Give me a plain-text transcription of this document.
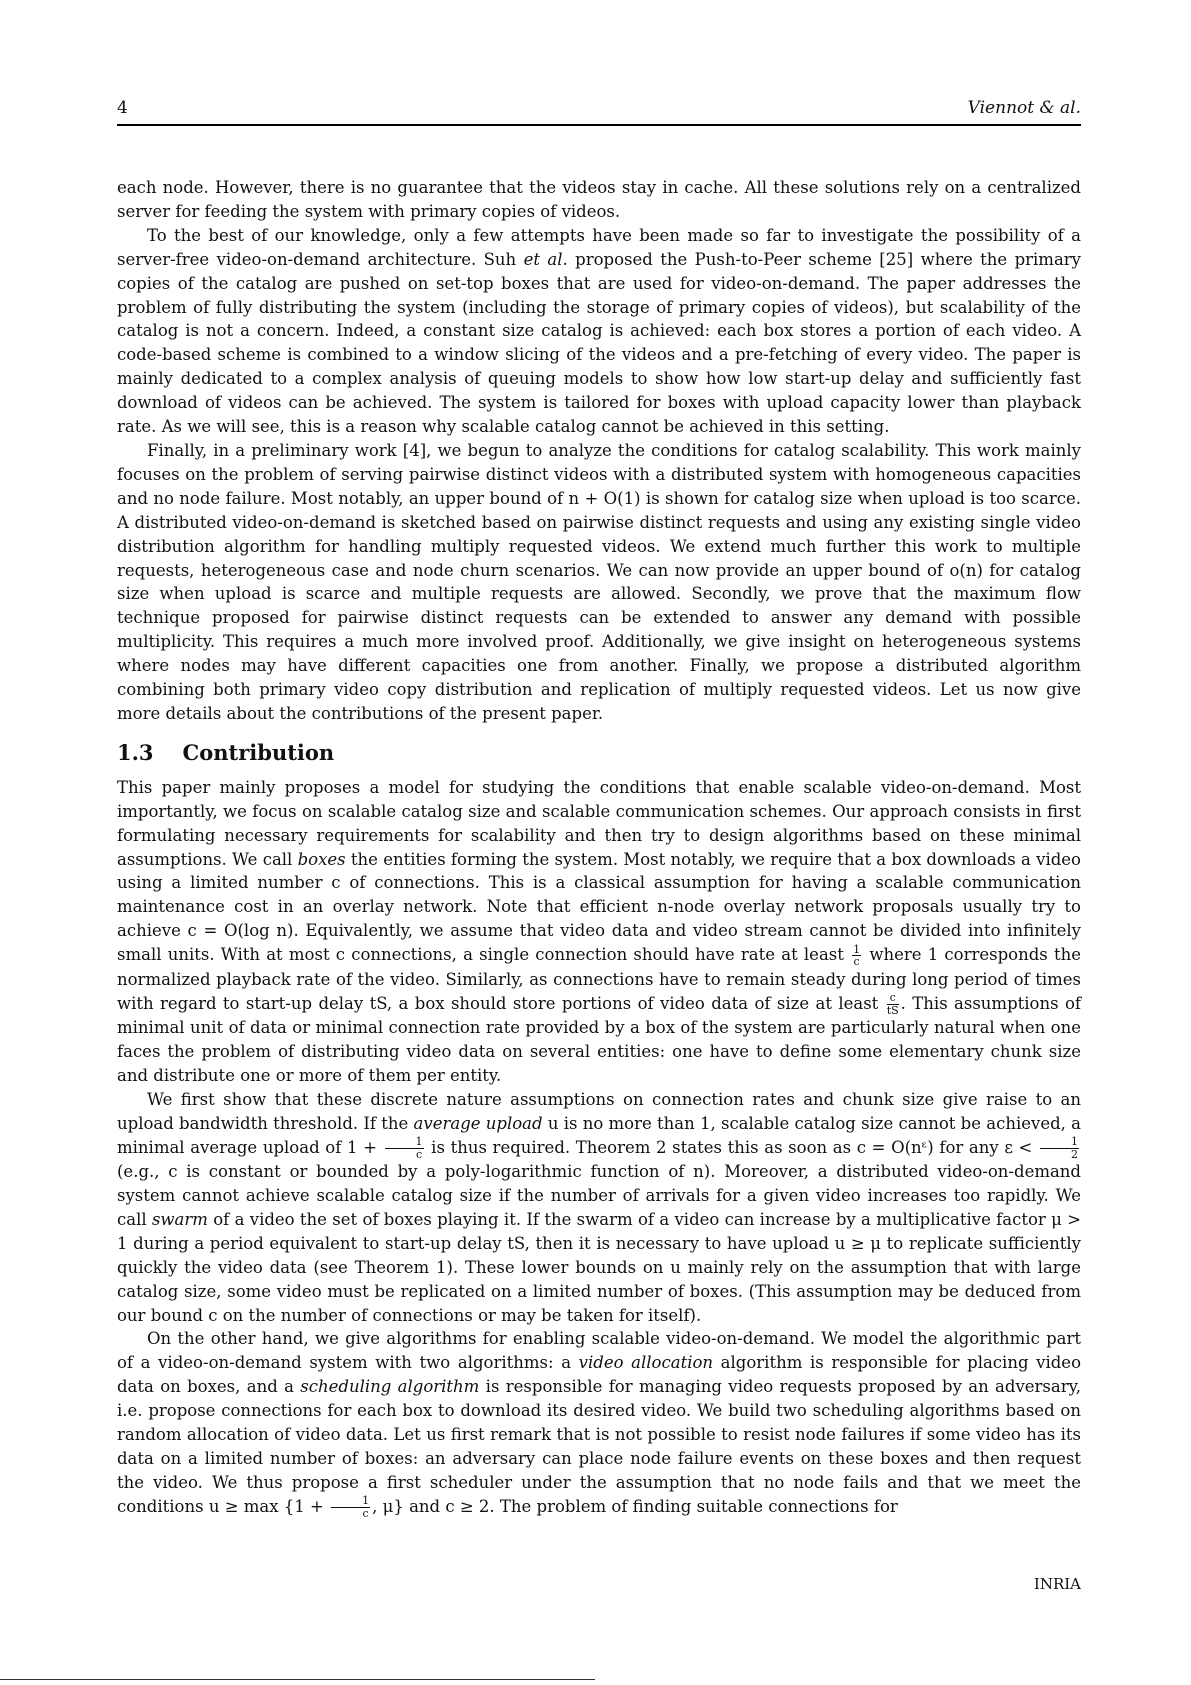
4	Viennot & al.

each node. However, there is no guarantee that the videos stay in cache. All these solutions rely on a centralized server for feeding the system with primary copies of videos.

To the best of our knowledge, only a few attempts have been made so far to investigate the possibility of a server-free video-on-demand architecture. Suh et al. proposed the Push-to-Peer scheme [25] where the primary copies of the catalog are pushed on set-top boxes that are used for video-on-demand. The paper addresses the problem of fully distributing the system (including the storage of primary copies of videos), but scalability of the catalog is not a concern. Indeed, a constant size catalog is achieved: each box stores a portion of each video. A code-based scheme is combined to a window slicing of the videos and a pre-fetching of every video. The paper is mainly dedicated to a complex analysis of queuing models to show how low start-up delay and sufficiently fast download of videos can be achieved. The system is tailored for boxes with upload capacity lower than playback rate. As we will see, this is a reason why scalable catalog cannot be achieved in this setting.

Finally, in a preliminary work [4], we begun to analyze the conditions for catalog scalability. This work mainly focuses on the problem of serving pairwise distinct videos with a distributed system with homogeneous capacities and no node failure. Most notably, an upper bound of n + O(1) is shown for catalog size when upload is too scarce. A distributed video-on-demand is sketched based on pairwise distinct requests and using any existing single video distribution algorithm for handling multiply requested videos. We extend much further this work to multiple requests, heterogeneous case and node churn scenarios. We can now provide an upper bound of o(n) for catalog size when upload is scarce and multiple requests are allowed. Secondly, we prove that the maximum flow technique proposed for pairwise distinct requests can be extended to answer any demand with possible multiplicity. This requires a much more involved proof. Additionally, we give insight on heterogeneous systems where nodes may have different capacities one from another. Finally, we propose a distributed algorithm combining both primary video copy distribution and replication of multiply requested videos. Let us now give more details about the contributions of the present paper.

1.3 Contribution

This paper mainly proposes a model for studying the conditions that enable scalable video-on-demand. Most importantly, we focus on scalable catalog size and scalable communication schemes. Our approach consists in first formulating necessary requirements for scalability and then try to design algorithms based on these minimal assumptions. We call boxes the entities forming the system. Most notably, we require that a box downloads a video using a limited number c of connections. This is a classical assumption for having a scalable communication maintenance cost in an overlay network. Note that efficient n-node overlay network proposals usually try to achieve c = O(log n). Equivalently, we assume that video data and video stream cannot be divided into infinitely small units. With at most c connections, a single connection should have rate at least $\frac{1}{c}$ where 1 corresponds the normalized playback rate of the video. Similarly, as connections have to remain steady during long period of times with regard to start-up delay tS, a box should store portions of video data of size at least $\frac{c}{tS}$ . This assumptions of minimal unit of data or minimal connection rate provided by a box of the system are particularly natural when one faces the problem of distributing video data on several entities: one have to define some elementary chunk size and distribute one or more of them per entity.

We first show that these discrete nature assumptions on connection rates and chunk size give raise to an upload bandwidth threshold. If the average upload u is no more than 1, scalable catalog size cannot be achieved, a minimal average upload of $1 + \frac{1}{c}$ is thus required. Theorem 2 states this as soon as c = O(nᵋ) for any $\varepsilon < \frac{1}{2}$
(e.g., c is constant or bounded by a poly-logarithmic function of n). Moreover, a distributed video-on-demand system cannot achieve scalable catalog size if the number of arrivals for a given video increases too rapidly. We call swarm of a video the set of boxes playing it. If the swarm of a video can increase by a multiplicative factor μ > 1 during a period equivalent to start-up delay tS, then it is necessary to have upload u ≥ μ to replicate sufficiently quickly the video data (see Theorem 1). These lower bounds on u mainly rely on the assumption that with large catalog size, some video must be replicated on a limited number of boxes. (This assumption may be deduced from our bound c on the number of connections or may be taken for itself).

On the other hand, we give algorithms for enabling scalable video-on-demand. We model the algorithmic part of a video-on-demand system with two algorithms: a video allocation algorithm is responsible for placing video data on boxes, and a scheduling algorithm is responsible for managing video requests proposed by an adversary, i.e. propose connections for each box to download its desired video. We build two scheduling algorithms based on random allocation of video data. Let us first remark that is not possible to resist node failures if some video has its data on a limited number of boxes: an adversary can place node failure events on these boxes and then request the video. We thus propose a first scheduler under the assumption that no node fails and that we meet the conditions $u \ge \max \{1 + \frac{1}{c}$ , μ} and c ≥ 2. The problem of finding suitable connections for

INRIA
